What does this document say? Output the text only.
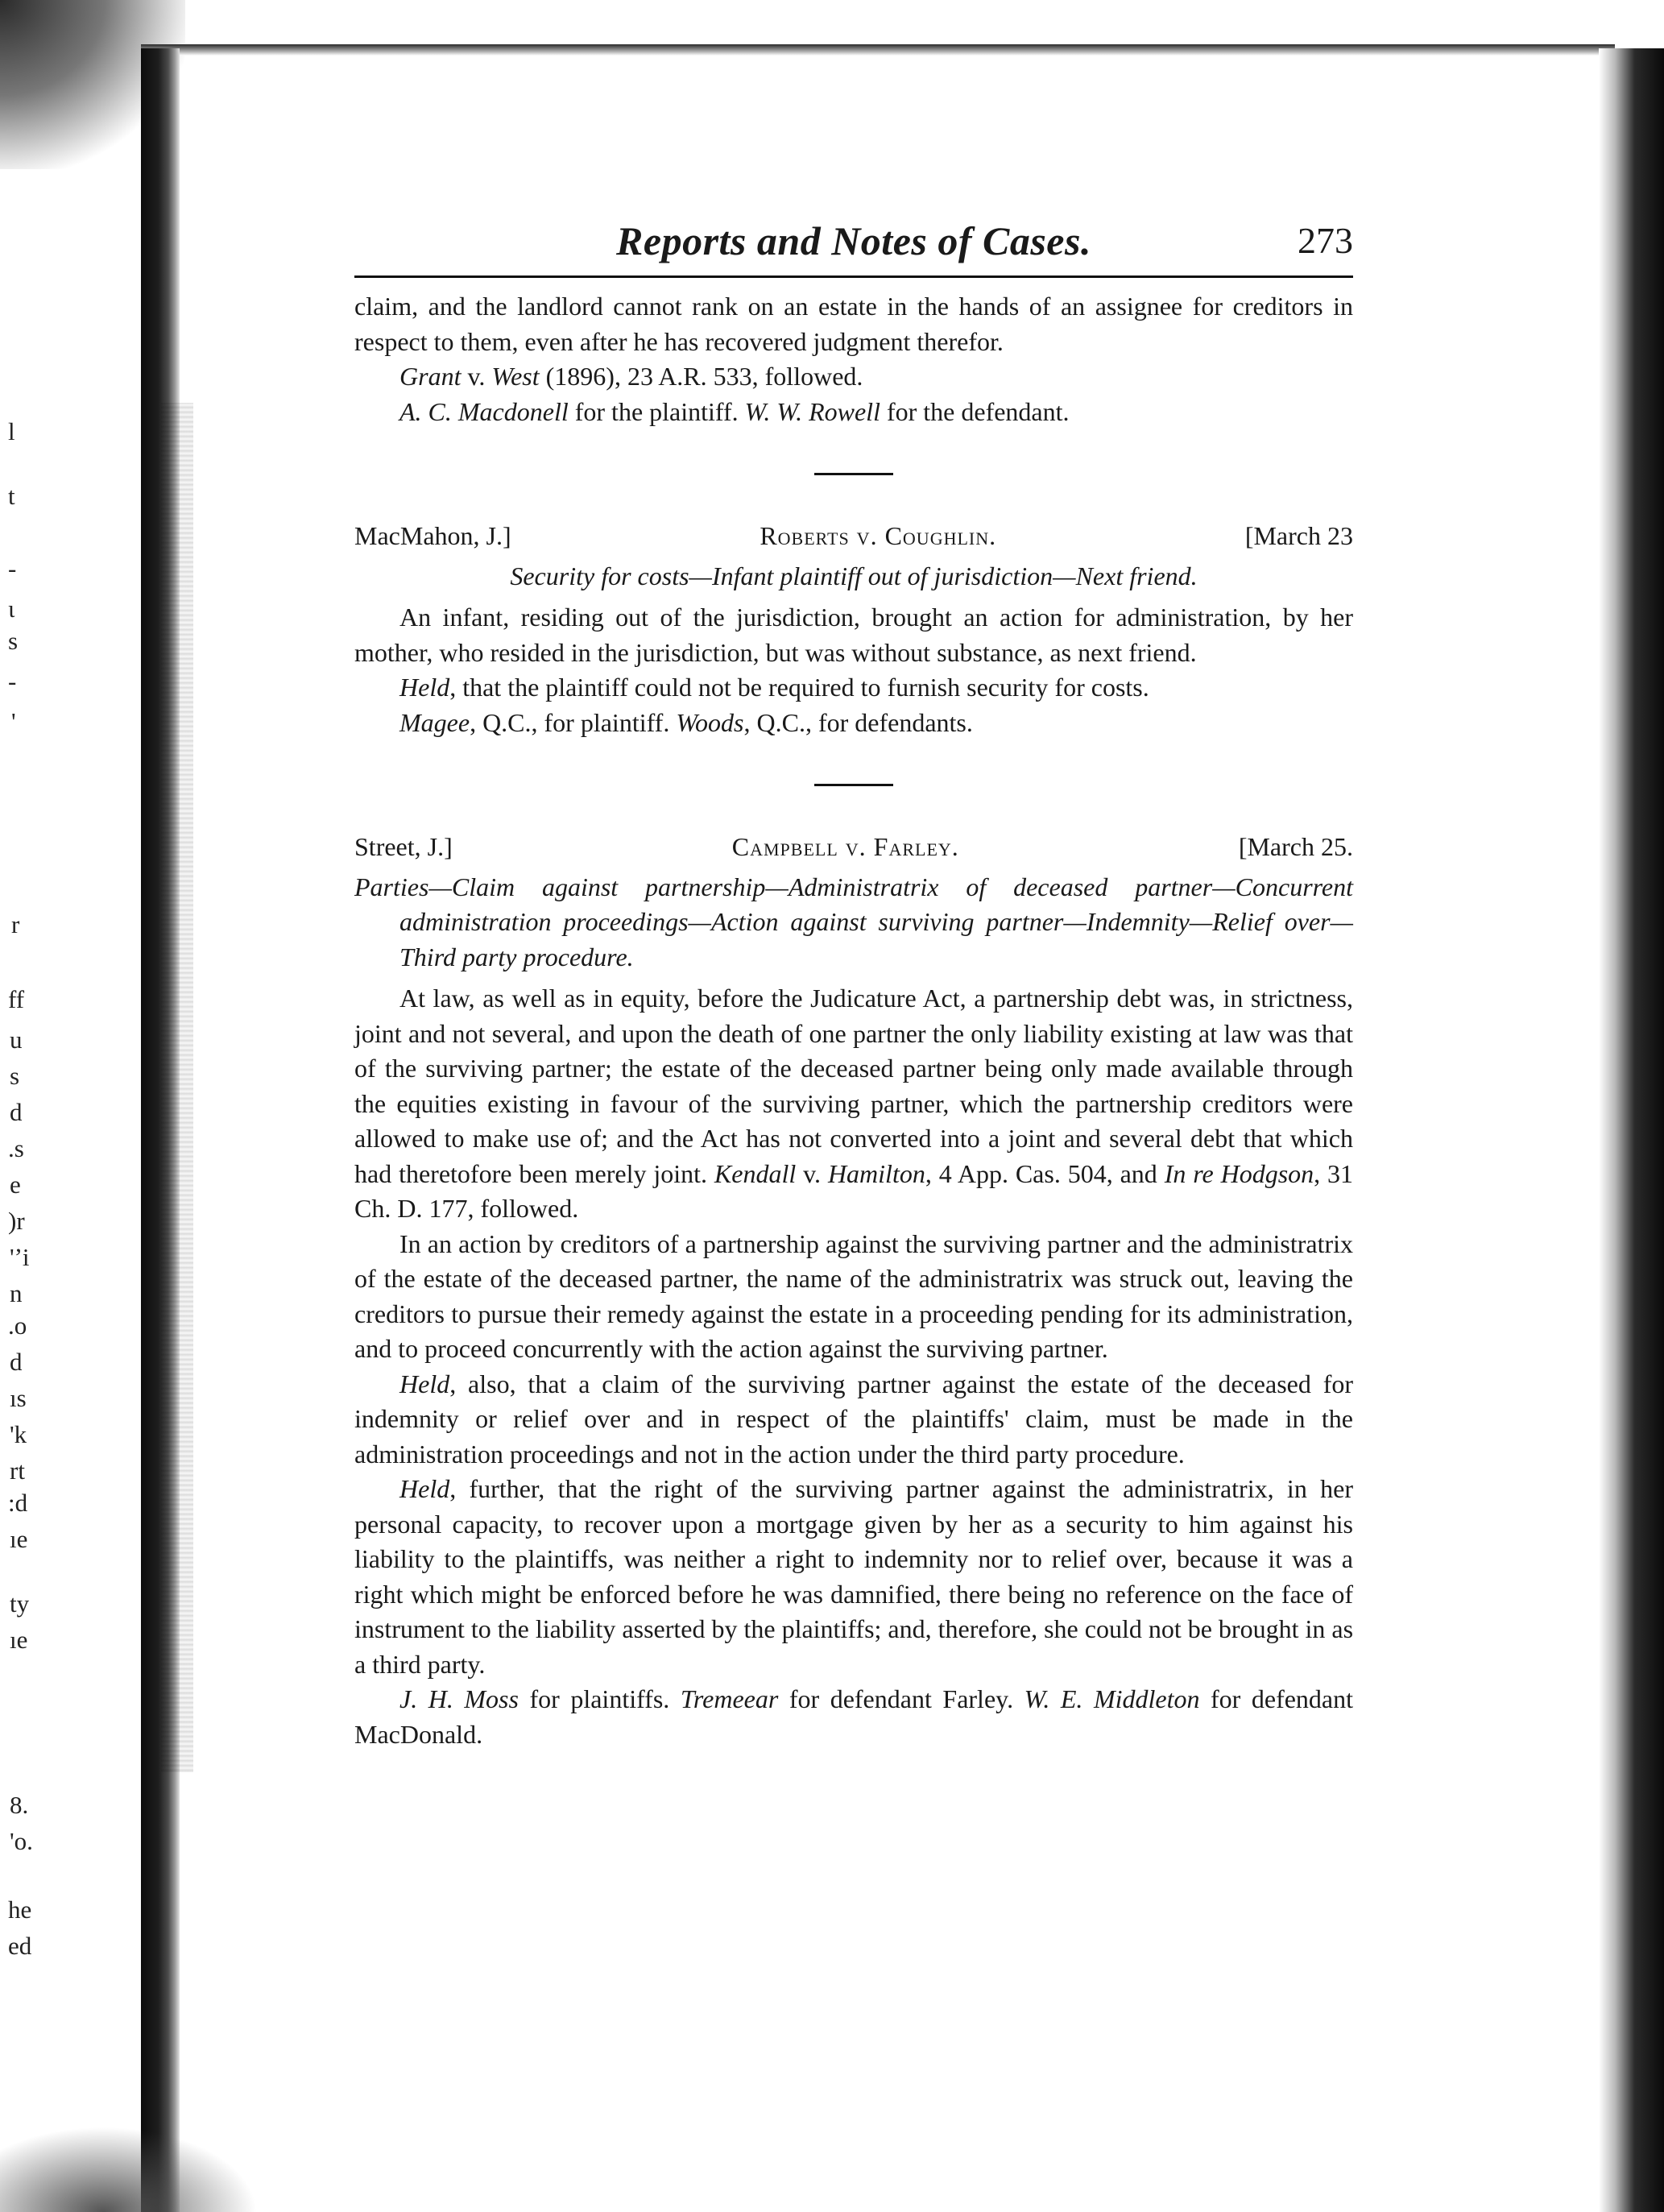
l
t
-
ɩ
s
-
'
r
ff
u
s
d
.s
e
)r
'ʼi
n
.o
d
ıs
'k
rt
:d
ıe
ty
ıe
8.
'o.
he
ed
Reports and Notes of Cases.	273

claim, and the landlord cannot rank on an estate in the hands of an assignee for creditors in respect to them, even after he has recovered judgment therefor.

Grant v. West (1896), 23 A.R. 533, followed.

A. C. Macdonell for the plaintiff. W. W. Rowell for the defendant.

MacMahon, J.]	Roberts v. Coughlin.	[March 23
Security for costs—Infant plaintiff out of jurisdiction—Next friend.

An infant, residing out of the jurisdiction, brought an action for administration, by her mother, who resided in the jurisdiction, but was without substance, as next friend.

Held, that the plaintiff could not be required to furnish security for costs.

Magee, Q.C., for plaintiff. Woods, Q.C., for defendants.

Street, J.]	Campbell v. Farley.	[March 25.
Parties—Claim against partnership—Administratrix of deceased partner—Concurrent administration proceedings—Action against surviving partner—Indemnity—Relief over—Third party procedure.

At law, as well as in equity, before the Judicature Act, a partnership debt was, in strictness, joint and not several, and upon the death of one partner the only liability existing at law was that of the surviving partner; the estate of the deceased partner being only made available through the equities existing in favour of the surviving partner, which the partnership creditors were allowed to make use of; and the Act has not converted into a joint and several debt that which had theretofore been merely joint. Kendall v. Hamilton, 4 App. Cas. 504, and In re Hodgson, 31 Ch. D. 177, followed.

In an action by creditors of a partnership against the surviving partner and the administratrix of the estate of the deceased partner, the name of the administratrix was struck out, leaving the creditors to pursue their remedy against the estate in a proceeding pending for its administration, and to proceed concurrently with the action against the surviving partner.

Held, also, that a claim of the surviving partner against the estate of the deceased for indemnity or relief over and in respect of the plaintiffs' claim, must be made in the administration proceedings and not in the action under the third party procedure.

Held, further, that the right of the surviving partner against the administratrix, in her personal capacity, to recover upon a mortgage given by her as a security to him against his liability to the plaintiffs, was neither a right to indemnity nor to relief over, because it was a right which might be enforced before he was damnified, there being no reference on the face of instrument to the liability asserted by the plaintiffs; and, therefore, she could not be brought in as a third party.

J. H. Moss for plaintiffs. Tremeear for defendant Farley. W. E. Middleton for defendant MacDonald.
